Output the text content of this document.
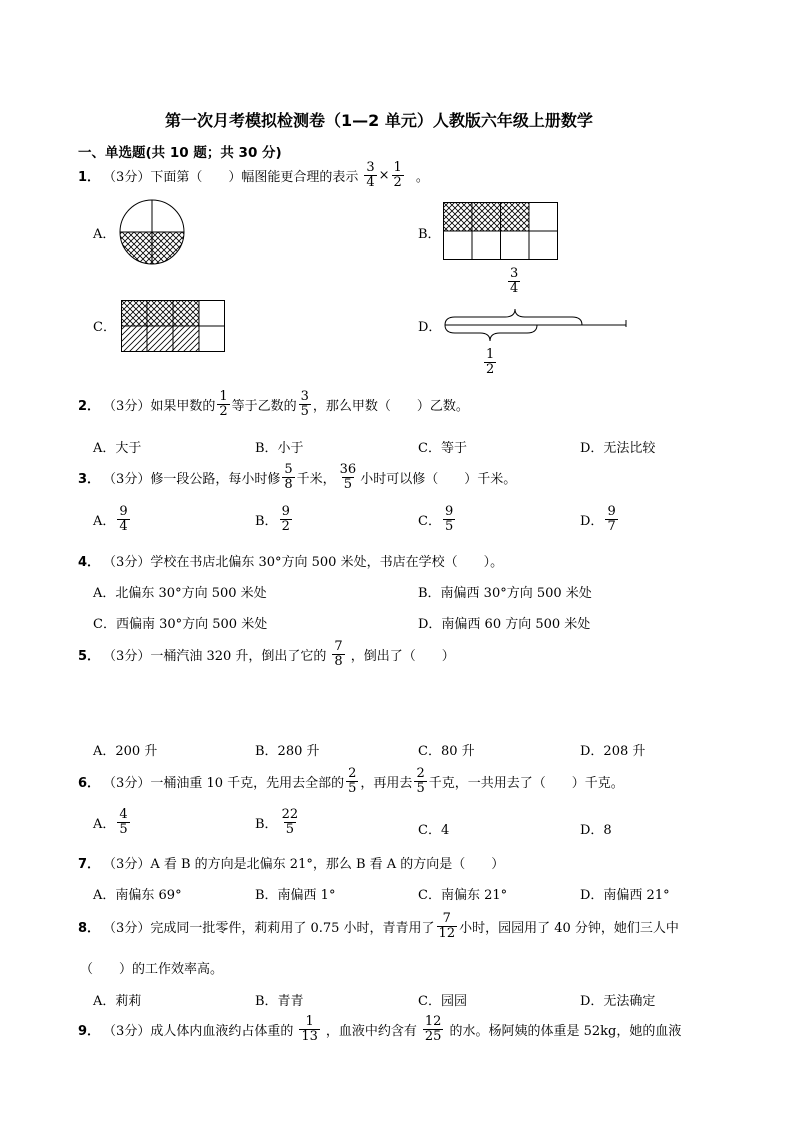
第一次月考模拟检测卷（1—2 单元）人教版六年级上册数学
一、单选题(共 10 题；共 30 分)
1． （3分） 下面第（　　）幅图能更合理的表示 $\frac{3}{4} \times \frac{1}{2}$ 。
A．	B．
C．	D．
$\frac{3}{4}$
$\frac{1}{2}$
2． （3分） 如果甲数的 $\frac{1}{2}$ 等于乙数的 $\frac{3}{5}$ ，那么甲数（　　）乙数。
A．大于	B．小于	C．等于	D．无法比较
3． （3分） 修一段公路，每小时修 $\frac{5}{8}$ 千米， $\frac{36}{5}$ 小时可以修（　　）千米。
A． $\frac{9}{4}$	B． $\frac{9}{2}$	C． $\frac{9}{5}$	D． $\frac{9}{7}$
4． （3分） 学校在书店北偏东 30°方向 500 米处，书店在学校（　　）。
A．北偏东 30°方向 500 米处	B．南偏西 30°方向 500 米处
C．西偏南 30°方向 500 米处	D．南偏西 60 方向 500 米处
5． （3分） 一桶汽油 320 升，倒出了它的 $\frac{7}{8}$ ，倒出了（　　）
A．200 升	B．280 升	C．80 升	D．208 升
6． （3分） 一桶油重 10 千克，先用去全部的 $\frac{2}{5}$ ，再用去 $\frac{2}{5}$ 千克，一共用去了（　　）千克。
A． $\frac{4}{5}$	B． $\frac{22}{5}$	C．4	D．8
7． （3分） A 看 B 的方向是北偏东 21°，那么 B 看 A 的方向是（　　）
A．南偏东 69°	B．南偏西 1°	C．南偏东 21°	D．南偏西 21°
8． （3分） 完成同一批零件，莉莉用了 0.75 小时，青青用了 $\frac{7}{12}$ 小时，园园用了 40 分钟，她们三人中
（　　）的工作效率高。
A．莉莉	B．青青	C．园园	D．无法确定
9． （3分） 成人体内血液约占体重的 $\frac{1}{13}$ ，血液中约含有 $\frac{12}{25}$ 的水。杨阿姨的体重是 52kg，她的血液
